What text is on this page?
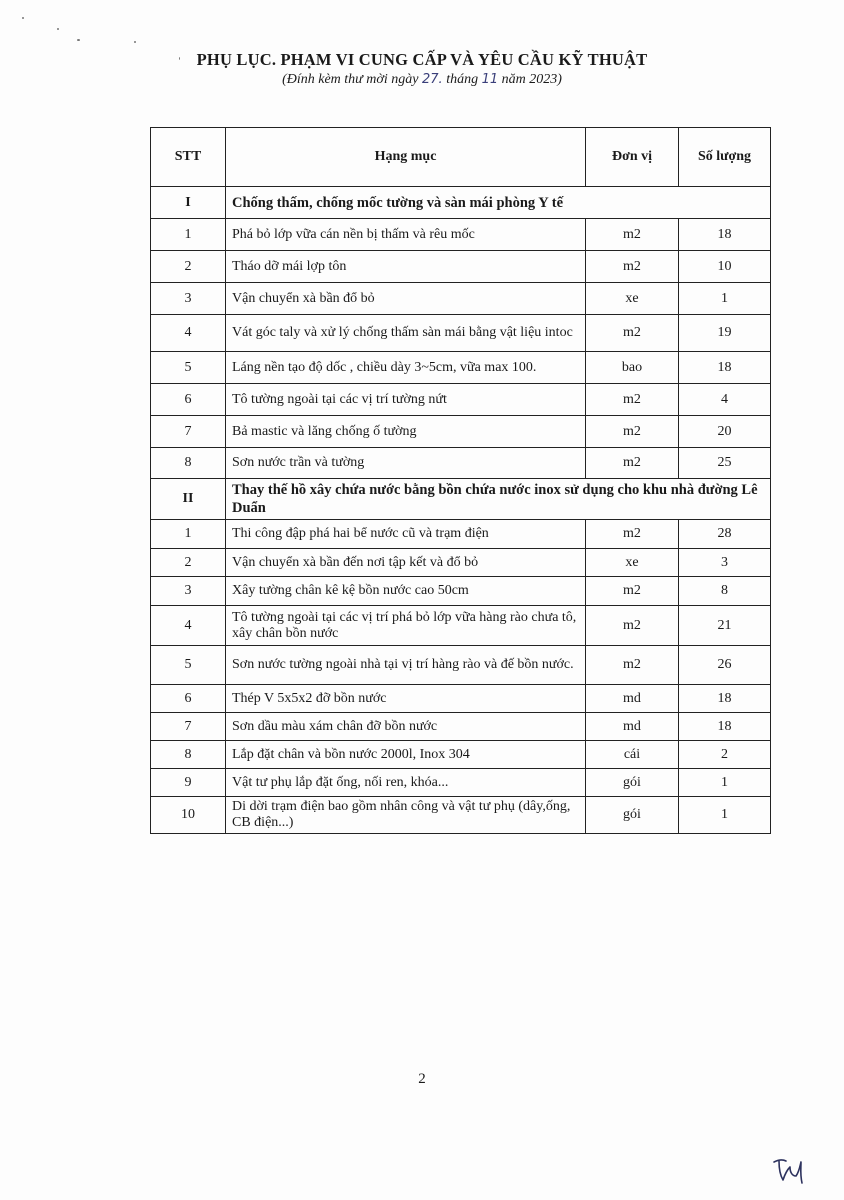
PHỤ LỤC. PHẠM VI CUNG CẤP VÀ YÊU CẦU KỸ THUẬT
(Đính kèm thư mời ngày 27. tháng 11 năm 2023)
STT	Hạng mục	Đơn vị	Số lượng
I	Chống thấm, chống mốc tường và sàn mái phòng Y tế		
1	Phá bỏ lớp vữa cán nền bị thấm và rêu mốc	m2	18
2	Tháo dỡ mái lợp tôn	m2	10
3	Vận chuyển xà bần đổ bỏ	xe	1
4	Vát góc taly và xử lý chống thấm sàn mái bằng vật liệu intoc	m2	19
5	Láng nền tạo độ dốc , chiều dày 3~5cm, vữa max 100.	bao	18
6	Tô tường ngoài tại các vị trí tường nứt	m2	4
7	Bả mastic và lăng chống ố tường	m2	20
8	Sơn nước trần và tường	m2	25
II	Thay thế hồ xây chứa nước bằng bồn chứa nước inox sử dụng cho khu nhà đường Lê Duẩn		
1	Thi công đập phá hai bể nước cũ và trạm điện	m2	28
2	Vận chuyển xà bần đến nơi tập kết và đổ bỏ	xe	3
3	Xây tường chân kê kệ bồn nước cao 50cm	m2	8
4	Tô tường ngoài tại các vị trí phá bỏ lớp vữa hàng rào chưa tô, xây chân bồn nước	m2	21
5	Sơn nước tường ngoài nhà tại vị trí hàng rào và đế bồn nước.	m2	26
6	Thép V 5x5x2 đỡ bồn nước	md	18
7	Sơn dầu màu xám chân đỡ bồn nước	md	18
8	Lắp đặt chân và bồn nước 2000l, Inox 304	cái	2
9	Vật tư phụ lắp đặt ống, nối ren, khóa...	gói	1
10	Di dời trạm điện bao gồm nhân công và vật tư phụ (dây,ống, CB điện...)	gói	1
2
